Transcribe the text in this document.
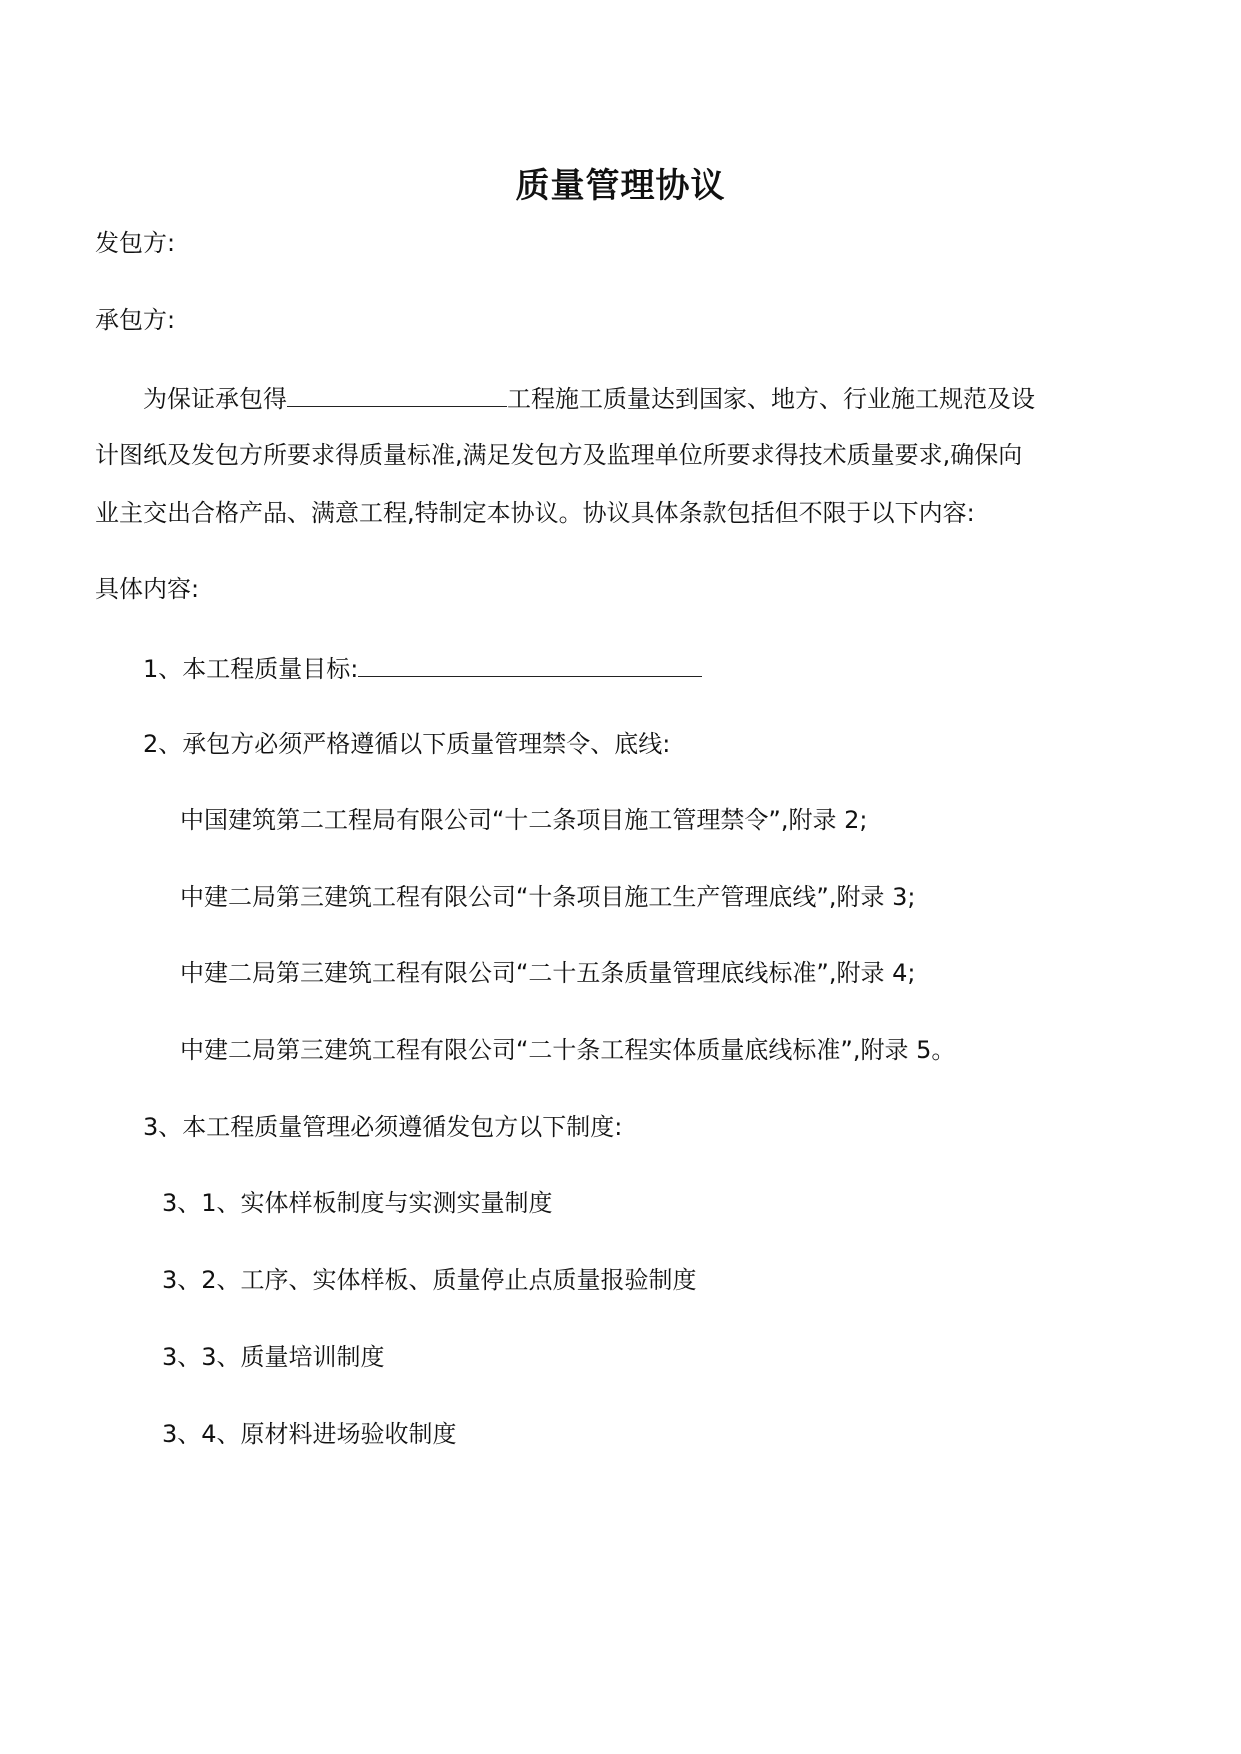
质量管理协议
发包方:
承包方:
为保证承包得	工程施工质量达到国家、地方、行业施工规范及设
计图纸及发包方所要求得质量标准,满足发包方及监理单位所要求得技术质量要求,确保向
业主交出合格产品、满意工程,特制定本协议。协议具体条款包括但不限于以下内容:
具体内容:
1、本工程质量目标:
2、承包方必须严格遵循以下质量管理禁令、底线:
中国建筑第二工程局有限公司“十二条项目施工管理禁令”,附录 2;
中建二局第三建筑工程有限公司“十条项目施工生产管理底线”,附录 3;
中建二局第三建筑工程有限公司“二十五条质量管理底线标准”,附录 4;
中建二局第三建筑工程有限公司“二十条工程实体质量底线标准”,附录 5。
3、本工程质量管理必须遵循发包方以下制度:
3、1、实体样板制度与实测实量制度
3、2、工序、实体样板、质量停止点质量报验制度
3、3、质量培训制度
3、4、原材料进场验收制度
